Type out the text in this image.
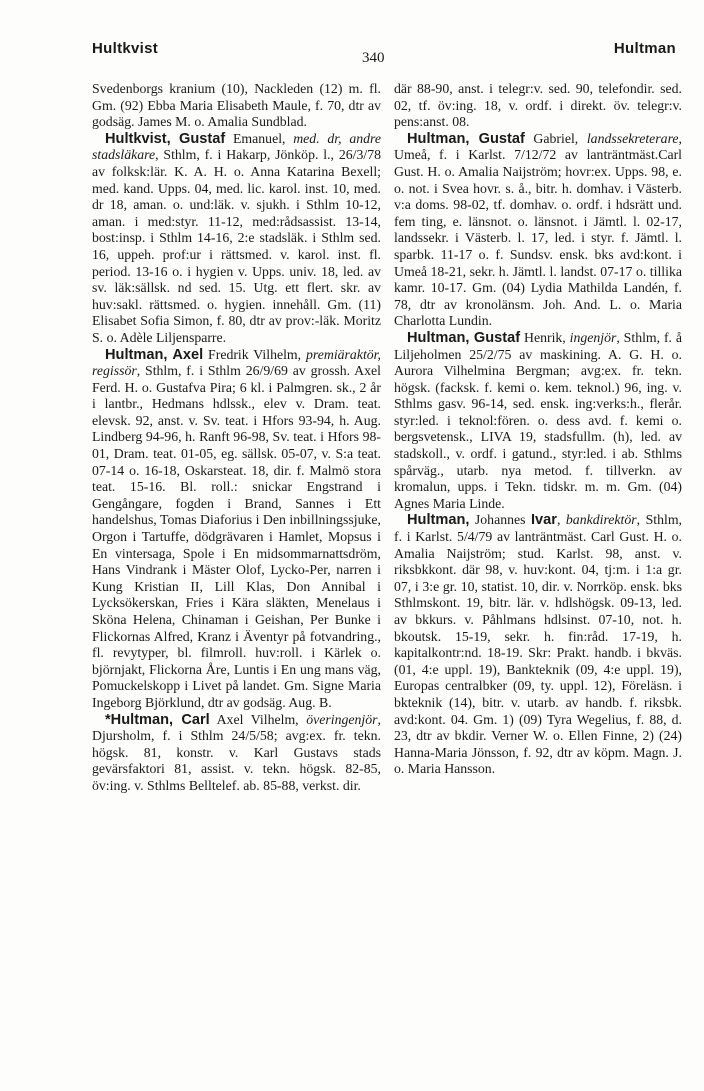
Hultkvist
340
Hultman

Svedenborgs kranium (10), Nackleden (12) m. fl. Gm. (92) Ebba Maria Elisabeth Maule, f. 70, dtr av godsäg. James M. o. Amalia Sundblad.

Hultkvist, Gustaf Emanuel, med. dr, andre stadsläkare, Sthlm, f. i Hakarp, Jönköp. l., 26/3/78 av folksk:lär. K. A. H. o. Anna Katarina Bexell; med. kand. Upps. 04, med. lic. karol. inst. 10, med. dr 18, aman. o. und:läk. v. sjukh. i Sthlm 10-12, aman. i med:styr. 11-12, med:rådsassist. 13-14, bost:insp. i Sthlm 14-16, 2:e stadsläk. i Sthlm sed. 16, uppeh. prof:ur i rättsmed. v. karol. inst. fl. period. 13-16 o. i hygien v. Upps. univ. 18, led. av sv. läk:sällsk. nd sed. 15. Utg. ett flert. skr. av huv:sakl. rättsmed. o. hygien. innehåll. Gm. (11) Elisabet Sofia Simon, f. 80, dtr av prov:-läk. Moritz S. o. Adèle Liljensparre.

Hultman, Axel Fredrik Vilhelm, premiäraktör, regissör, Sthlm, f. i Sthlm 26/9/69 av grossh. Axel Ferd. H. o. Gustafva Pira; 6 kl. i Palmgren. sk., 2 år i lantbr., Hedmans hdlssk., elev v. Dram. teat. elevsk. 92, anst. v. Sv. teat. i Hfors 93-94, h. Aug. Lindberg 94-96, h. Ranft 96-98, Sv. teat. i Hfors 98-01, Dram. teat. 01-05, eg. sällsk. 05-07, v. S:a teat. 07-14 o. 16-18, Oskarsteat. 18, dir. f. Malmö stora teat. 15-16. Bl. roll.: snickar Engstrand i Gengångare, fogden i Brand, Sannes i Ett handelshus, Tomas Diaforius i Den inbillningssjuke, Orgon i Tartuffe, dödgrävaren i Hamlet, Mopsus i En vintersaga, Spole i En midsommarnattsdröm, Hans Vindrank i Mäster Olof, Lycko-Per, narren i Kung Kristian II, Lill Klas, Don Annibal i Lycksökerskan, Fries i Kära släkten, Menelaus i Sköna Helena, Chinaman i Geishan, Per Bunke i Flickornas Alfred, Kranz i Äventyr på fotvandring., fl. revytyper, bl. filmroll. huv:roll. i Kärlek o. björnjakt, Flickorna Åre, Luntis i En ung mans väg, Pomuckelskopp i Livet på landet. Gm. Signe Maria Ingeborg Björklund, dtr av godsäg. Aug. B.

*Hultman, Carl Axel Vilhelm, överingenjör, Djursholm, f. i Sthlm 24/5/58; avg:ex. fr. tekn. högsk. 81, konstr. v. Karl Gustavs stads gevärsfaktori 81, assist. v. tekn. högsk. 82-85, öv:ing. v. Sthlms Belltelef. ab. 85-88, verkst. dir.

där 88-90, anst. i telegr:v. sed. 90, telefondir. sed. 02, tf. öv:ing. 18, v. ordf. i direkt. öv. telegr:v. pens:anst. 08.

Hultman, Gustaf Gabriel, landssekreterare, Umeå, f. i Karlst. 7/12/72 av lanträntmäst.Carl Gust. H. o. Amalia Naijström; hovr:ex. Upps. 98, e. o. not. i Svea hovr. s. å., bitr. h. domhav. i Västerb. v:a doms. 98-02, tf. domhav. o. ordf. i hdsrätt und. fem ting, e. länsnot. o. länsnot. i Jämtl. l. 02-17, landssekr. i Västerb. l. 17, led. i styr. f. Jämtl. l. sparbk. 11-17 o. f. Sundsv. ensk. bks avd:kont. i Umeå 18-21, sekr. h. Jämtl. l. landst. 07-17 o. tillika kamr. 10-17. Gm. (04) Lydia Mathilda Landén, f. 78, dtr av kronolänsm. Joh. And. L. o. Maria Charlotta Lundin.

Hultman, Gustaf Henrik, ingenjör, Sthlm, f. å Liljeholmen 25/2/75 av maskining. A. G. H. o. Aurora Vilhelmina Bergman; avg:ex. fr. tekn. högsk. (facksk. f. kemi o. kem. teknol.) 96, ing. v. Sthlms gasv. 96-14, sed. ensk. ing:verks:h., flerår. styr:led. i teknol:fören. o. dess avd. f. kemi o. bergsvetensk., LIVA 19, stadsfullm. (h), led. av stadskoll., v. ordf. i gatund., styr:led. i ab. Sthlms spårväg., utarb. nya metod. f. tillverkn. av kromalun, upps. i Tekn. tidskr. m. m. Gm. (04) Agnes Maria Linde.

Hultman, Johannes Ivar, bankdirektör, Sthlm, f. i Karlst. 5/4/79 av lanträntmäst. Carl Gust. H. o. Amalia Naijström; stud. Karlst. 98, anst. v. riksbkkont. där 98, v. huv:kont. 04, tj:m. i 1:a gr. 07, i 3:e gr. 10, statist. 10, dir. v. Norrköp. ensk. bks Sthlmskont. 19, bitr. lär. v. hdlshögsk. 09-13, led. av bkkurs. v. Påhlmans hdlsinst. 07-10, not. h. bkoutsk. 15-19, sekr. h. fin:råd. 17-19, h. kapitalkontr:nd. 18-19. Skr: Prakt. handb. i bkväs. (01, 4:e uppl. 19), Bankteknik (09, 4:e uppl. 19), Europas centralbker (09, ty. uppl. 12), Föreläsn. i bkteknik (14), bitr. v. utarb. av handb. f. riksbk. avd:kont. 04. Gm. 1) (09) Tyra Wegelius, f. 88, d. 23, dtr av bkdir. Verner W. o. Ellen Finne, 2) (24) Hanna-Maria Jönsson, f. 92, dtr av köpm. Magn. J. o. Maria Hansson.
